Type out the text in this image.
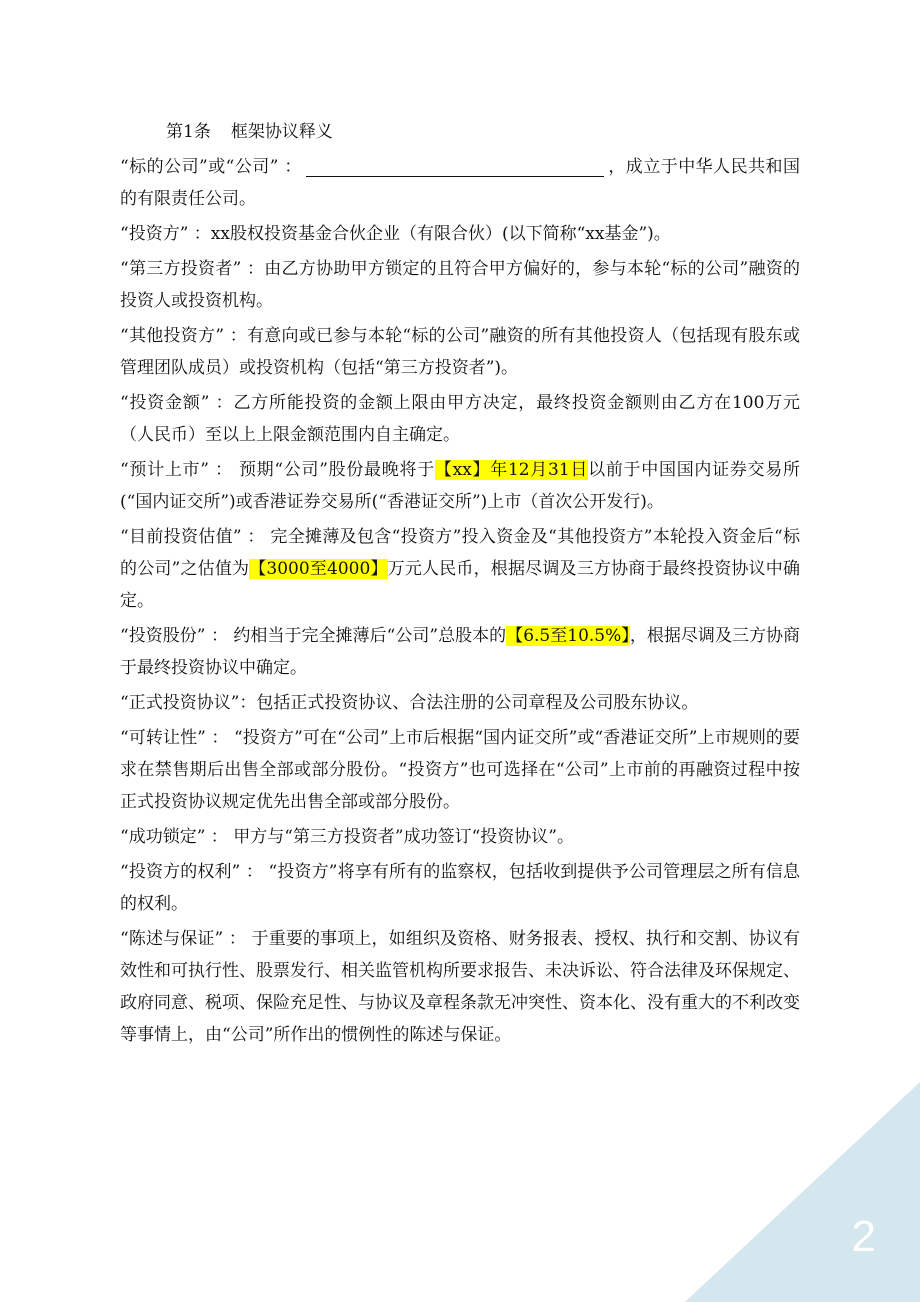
第1条 框架协议释义
“标的公司”或“公司” ：	，成立于中华人民共和国的有限责任公司。
“投资方” ：xx股权投资基金合伙企业（有限合伙）(以下简称“xx基金”)。
“第三方投资者” ：由乙方协助甲方锁定的且符合甲方偏好的，参与本轮“标的公司”融资的投资人或投资机构。
“其他投资方” ：有意向或已参与本轮“标的公司”融资的所有其他投资人（包括现有股东或管理团队成员）或投资机构（包括“第三方投资者”)。
“投资金额” ：乙方所能投资的金额上限由甲方决定，最终投资金额则由乙方在100万元（人民币）至以上上限金额范围内自主确定。
“预计上市” ： 预期“公司”股份最晚将于【xx】年12月31日以前于中国国内证券交易所(“国内证交所”)或香港证券交易所(“香港证交所”)上市（首次公开发行)。
“目前投资估值” ： 完全摊薄及包含“投资方”投入资金及“其他投资方”本轮投入资金后“标的公司”之估值为【3000至4000】万元人民币，根据尽调及三方协商于最终投资协议中确定。
“投资股份” ： 约相当于完全摊薄后“公司”总股本的【6.5至10.5%】，根据尽调及三方协商于最终投资协议中确定。
“正式投资协议”：包括正式投资协议、合法注册的公司章程及公司股东协议。
“可转让性” ： “投资方”可在“公司”上市后根据“国内证交所”或“香港证交所”上市规则的要求在禁售期后出售全部或部分股份。“投资方”也可选择在“公司”上市前的再融资过程中按正式投资协议规定优先出售全部或部分股份。
“成功锁定” ： 甲方与“第三方投资者”成功签订“投资协议”。
“投资方的权利” ： “投资方”将享有所有的监察权，包括收到提供予公司管理层之所有信息的权利。
“陈述与保证” ： 于重要的事项上，如组织及资格、财务报表、授权、执行和交割、协议有效性和可执行性、股票发行、相关监管机构所要求报告、未决诉讼、符合法律及环保规定、政府同意、税项、保险充足性、与协议及章程条款无冲突性、资本化、没有重大的不利改变等事情上，由“公司”所作出的惯例性的陈述与保证。
2
